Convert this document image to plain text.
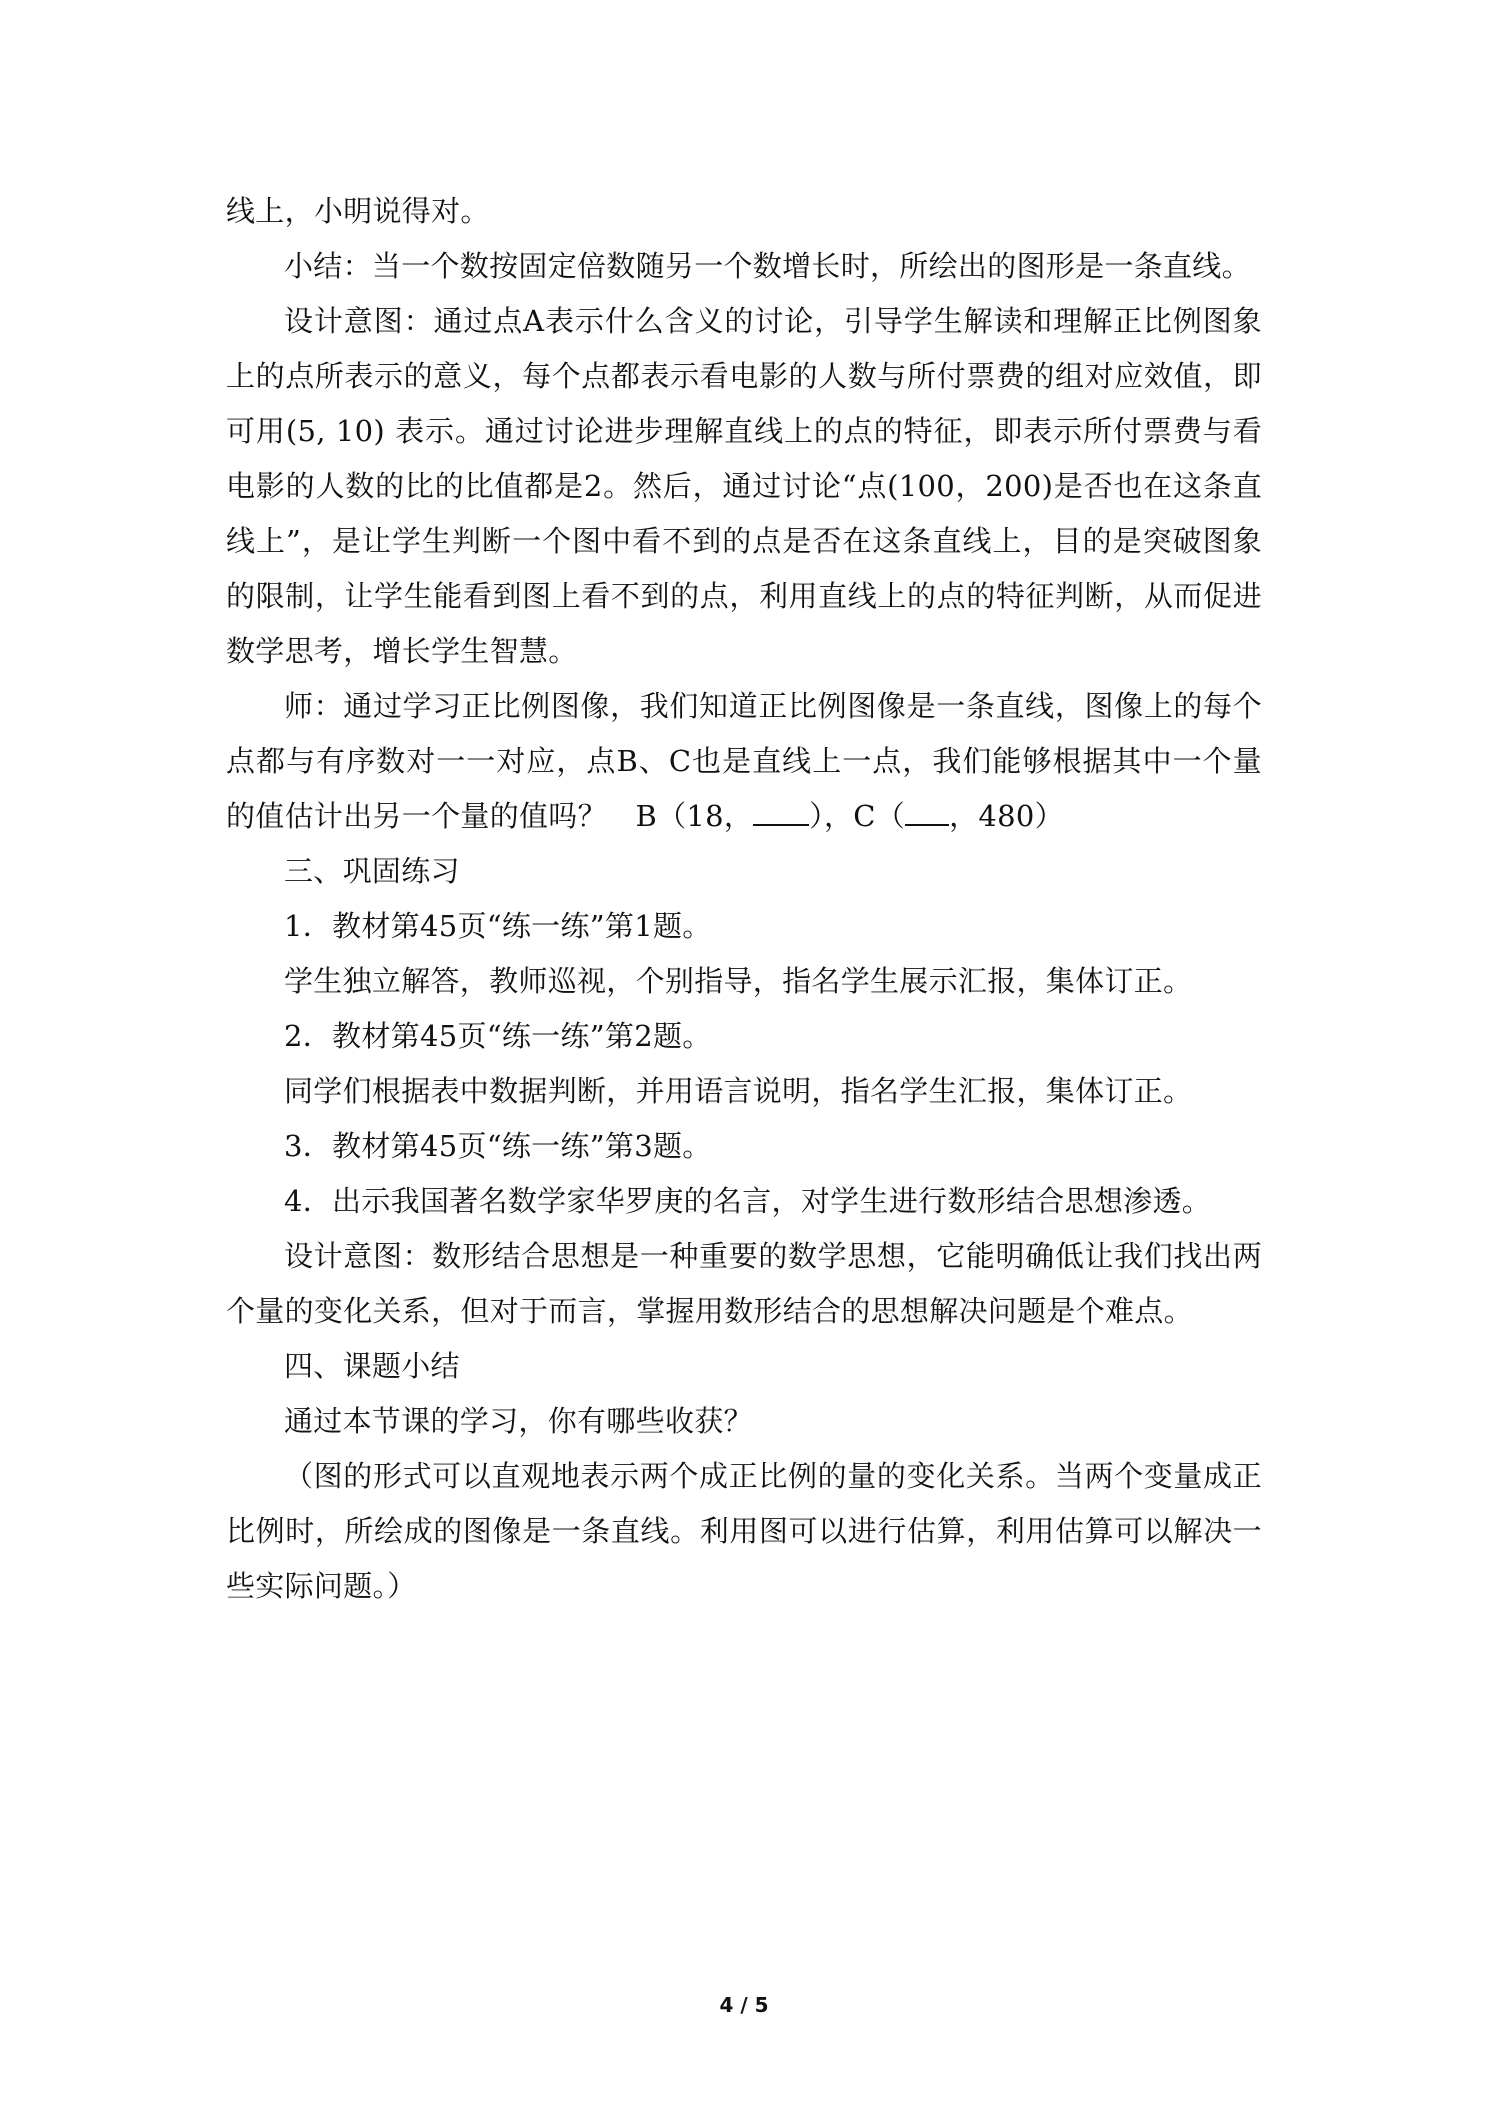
线上，小明说得对。

小结：当一个数按固定倍数随另一个数增长时，所绘出的图形是一条直线。

设计意图：通过点A表示什么含义的讨论，引导学生解读和理解正比例图象上的点所表示的意义，每个点都表示看电影的人数与所付票费的组对应效值，即可用(5, 10) 表示。通过讨论进步理解直线上的点的特征，即表示所付票费与看电影的人数的比的比值都是2。然后，通过讨论“点(100，200)是否也在这条直线上”，是让学生判断一个图中看不到的点是否在这条直线上，目的是突破图象的限制，让学生能看到图上看不到的点，利用直线上的点的特征判断，从而促进数学思考，增长学生智慧。

师：通过学习正比例图像，我们知道正比例图像是一条直线，图像上的每个点都与有序数对一一对应，点B、C也是直线上一点，我们能够根据其中一个量的值估计出另一个量的值吗？ B（18， ），C（ ，480）

三、巩固练习

1．教材第45页“练一练”第1题。

学生独立解答，教师巡视，个别指导，指名学生展示汇报，集体订正。

2．教材第45页“练一练”第2题。

同学们根据表中数据判断，并用语言说明，指名学生汇报，集体订正。

3．教材第45页“练一练”第3题。

4．出示我国著名数学家华罗庚的名言，对学生进行数形结合思想渗透。

设计意图：数形结合思想是一种重要的数学思想，它能明确低让我们找出两个量的变化关系，但对于而言，掌握用数形结合的思想解决问题是个难点。

四、课题小结

通过本节课的学习，你有哪些收获？

（图的形式可以直观地表示两个成正比例的量的变化关系。当两个变量成正比例时，所绘成的图像是一条直线。利用图可以进行估算，利用估算可以解决一些实际问题。）

4 / 5
